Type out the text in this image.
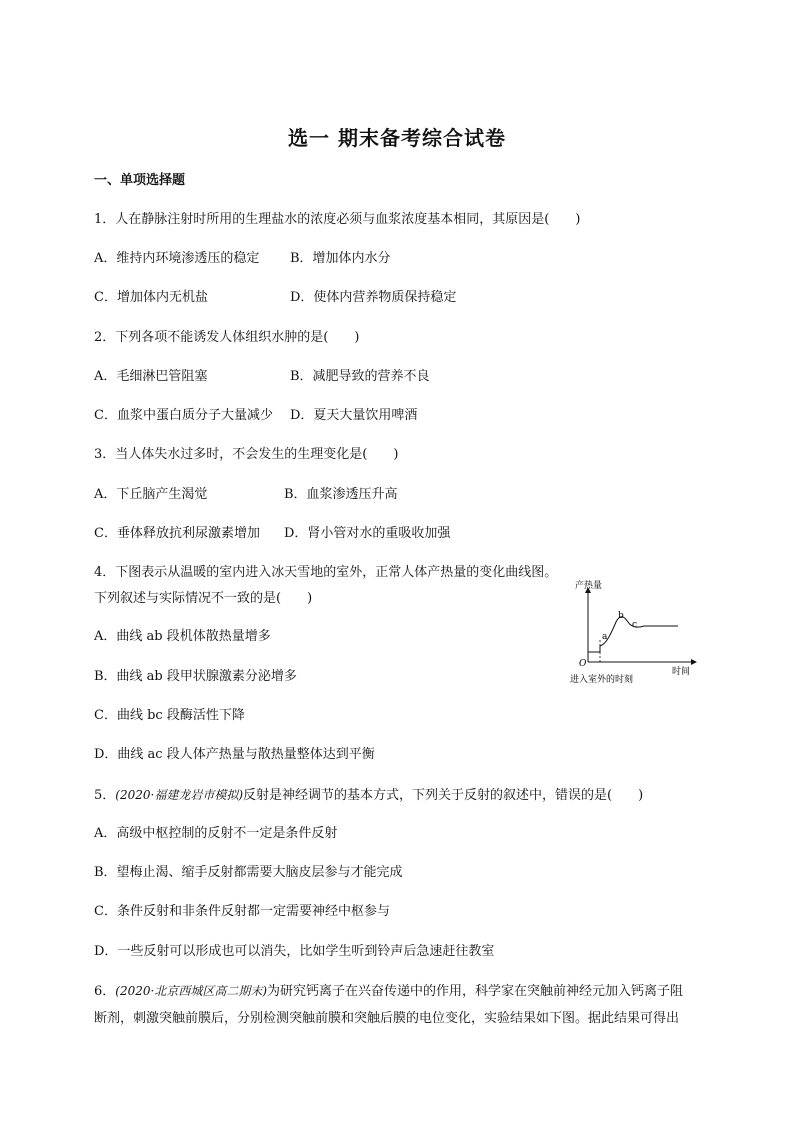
选一 期末备考综合试卷
一、单项选择题
1．人在静脉注射时所用的生理盐水的浓度必须与血浆浓度基本相同，其原因是(　　)
A．维持内环境渗透压的稳定 B．增加体内水分
C．增加体内无机盐	D．使体内营养物质保持稳定
2．下列各项不能诱发人体组织水肿的是(　　)
A．毛细淋巴管阻塞	B．减肥导致的营养不良
C．血浆中蛋白质分子大量减少 D．夏天大量饮用啤酒
3．当人体失水过多时，不会发生的生理变化是(　　)
A．下丘脑产生渴觉	B．血浆渗透压升高
C．垂体释放抗利尿激素增加 D．肾小管对水的重吸收加强
4．下图表示从温暖的室内进入冰天雪地的室外，正常人体产热量的变化曲线图。
下列叙述与实际情况不一致的是(　　)
A．曲线 ab 段机体散热量增多
B．曲线 ab 段甲状腺激素分泌增多
C．曲线 bc 段酶活性下降
D．曲线 ac 段人体产热量与散热量整体达到平衡
产热量
时间
O
a
b
c
进入室外的时刻
5．(2020·福建龙岩市模拟)反射是神经调节的基本方式，下列关于反射的叙述中，错误的是(　　)
A．高级中枢控制的反射不一定是条件反射
B．望梅止渴、缩手反射都需要大脑皮层参与才能完成
C．条件反射和非条件反射都一定需要神经中枢参与
D．一些反射可以形成也可以消失，比如学生听到铃声后急速赶往教室
6．(2020·北京西城区高二期末)为研究钙离子在兴奋传递中的作用，科学家在突触前神经元加入钙离子阻
断剂，刺激突触前膜后，分别检测突触前膜和突触后膜的电位变化，实验结果如下图。据此结果可得出
